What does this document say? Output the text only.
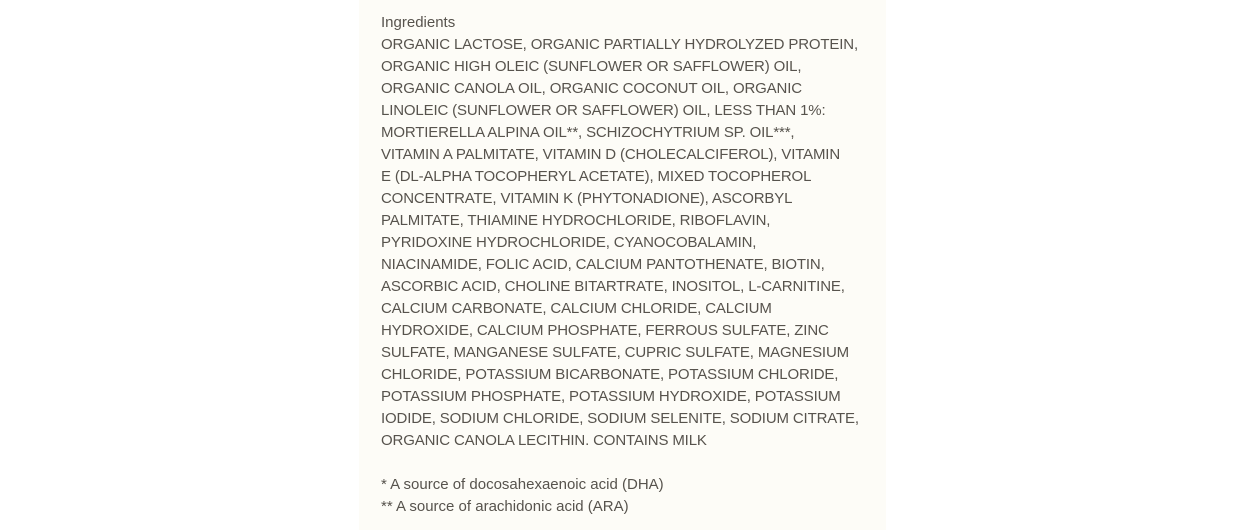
Ingredients

ORGANIC LACTOSE, ORGANIC PARTIALLY HYDROLYZED PROTEIN,
ORGANIC HIGH OLEIC (SUNFLOWER OR SAFFLOWER) OIL,
ORGANIC CANOLA OIL, ORGANIC COCONUT OIL, ORGANIC
LINOLEIC (SUNFLOWER OR SAFFLOWER) OIL, LESS THAN 1%:
MORTIERELLA ALPINA OIL**, SCHIZOCHYTRIUM SP. OIL***,
VITAMIN A PALMITATE, VITAMIN D (CHOLECALCIFEROL), VITAMIN
E (DL-ALPHA TOCOPHERYL ACETATE), MIXED TOCOPHEROL
CONCENTRATE, VITAMIN K (PHYTONADIONE), ASCORBYL
PALMITATE, THIAMINE HYDROCHLORIDE, RIBOFLAVIN,
PYRIDOXINE HYDROCHLORIDE, CYANOCOBALAMIN,
NIACINAMIDE, FOLIC ACID, CALCIUM PANTOTHENATE, BIOTIN,
ASCORBIC ACID, CHOLINE BITARTRATE, INOSITOL, L-CARNITINE,
CALCIUM CARBONATE, CALCIUM CHLORIDE, CALCIUM
HYDROXIDE, CALCIUM PHOSPHATE, FERROUS SULFATE, ZINC
SULFATE, MANGANESE SULFATE, CUPRIC SULFATE, MAGNESIUM
CHLORIDE, POTASSIUM BICARBONATE, POTASSIUM CHLORIDE,
POTASSIUM PHOSPHATE, POTASSIUM HYDROXIDE, POTASSIUM
IODIDE, SODIUM CHLORIDE, SODIUM SELENITE, SODIUM CITRATE,
ORGANIC CANOLA LECITHIN. CONTAINS MILK

* A source of docosahexaenoic acid (DHA)
** A source of arachidonic acid (ARA)
